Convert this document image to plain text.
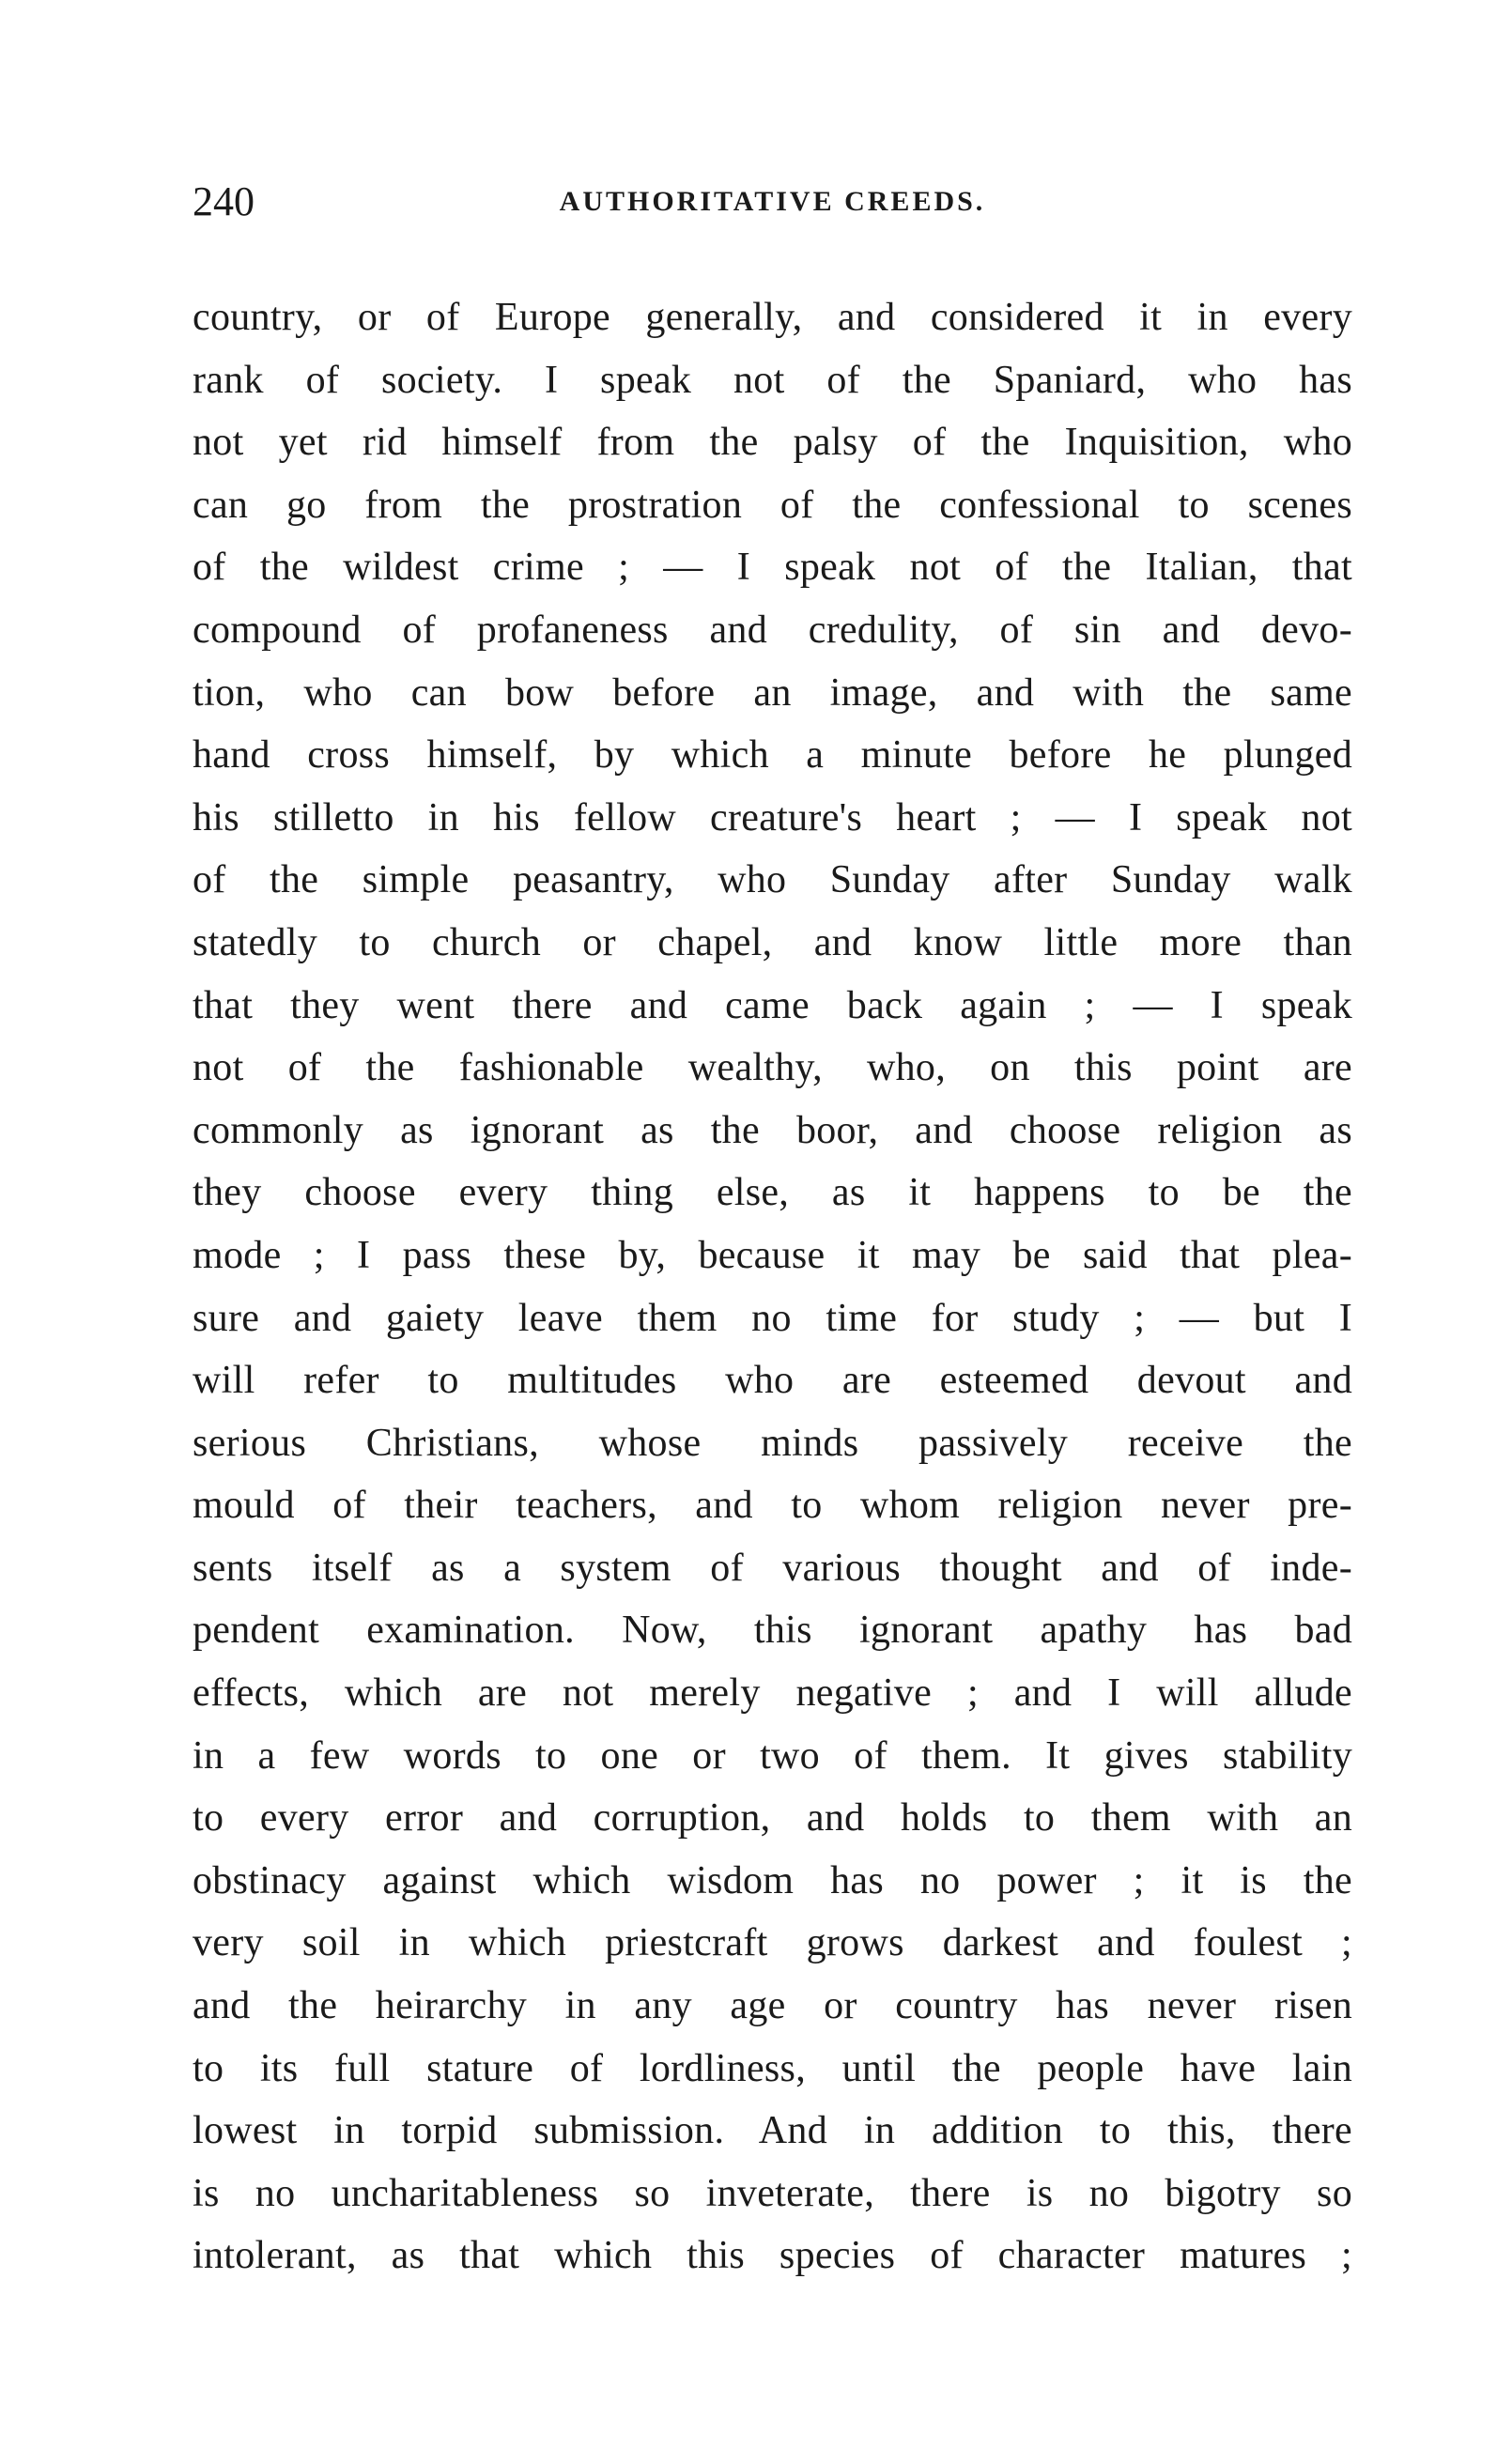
240	AUTHORITATIVE CREEDS.
country, or of Europe generally, and considered it in every
rank of society. I speak not of the Spaniard, who has
not yet rid himself from the palsy of the Inquisition, who
can go from the prostration of the confessional to scenes
of the wildest crime ; — I speak not of the Italian, that
compound of profaneness and credulity, of sin and devo-
tion, who can bow before an image, and with the same
hand cross himself, by which a minute before he plunged
his stilletto in his fellow creature's heart ; — I speak not
of the simple peasantry, who Sunday after Sunday walk
statedly to church or chapel, and know little more than
that they went there and came back again ; — I speak
not of the fashionable wealthy, who, on this point are
commonly as ignorant as the boor, and choose religion as
they choose every thing else, as it happens to be the
mode ; I pass these by, because it may be said that plea-
sure and gaiety leave them no time for study ; — but I
will refer to multitudes who are esteemed devout and
serious Christians, whose minds passively receive the
mould of their teachers, and to whom religion never pre-
sents itself as a system of various thought and of inde-
pendent examination. Now, this ignorant apathy has bad
effects, which are not merely negative ; and I will allude
in a few words to one or two of them. It gives stability
to every error and corruption, and holds to them with an
obstinacy against which wisdom has no power ; it is the
very soil in which priestcraft grows darkest and foulest ;
and the heirarchy in any age or country has never risen
to its full stature of lordliness, until the people have lain
lowest in torpid submission. And in addition to this, there
is no uncharitableness so inveterate, there is no bigotry so
intolerant, as that which this species of character matures ;
